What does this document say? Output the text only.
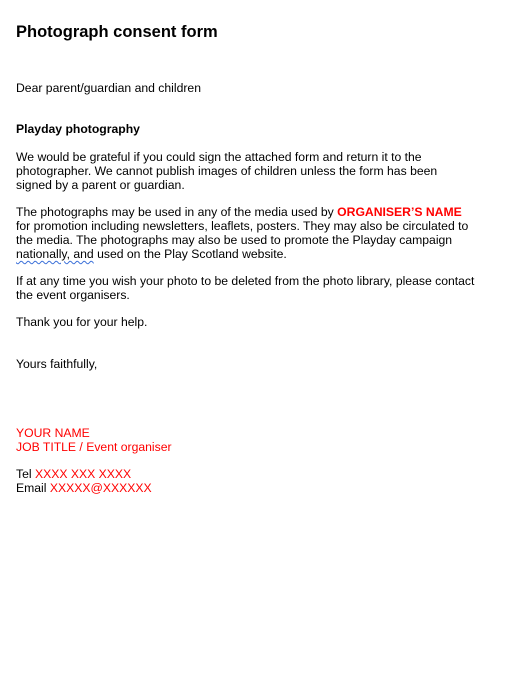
Photograph consent form
Dear parent/guardian and children
Playday photography
We would be grateful if you could sign the attached form and return it to the
photographer. We cannot publish images of children unless the form has been
signed by a parent or guardian.
The photographs may be used in any of the media used by ORGANISER’S NAME
for promotion including newsletters, leaflets, posters. They may also be circulated to
the media. The photographs may also be used to promote the Playday campaign
nationally, and used on the Play Scotland website.
If at any time you wish your photo to be deleted from the photo library, please contact
the event organisers.
Thank you for your help.
Yours faithfully,
YOUR NAME
JOB TITLE / Event organiser
Tel XXXX XXX XXXX
Email XXXXX@XXXXXX
